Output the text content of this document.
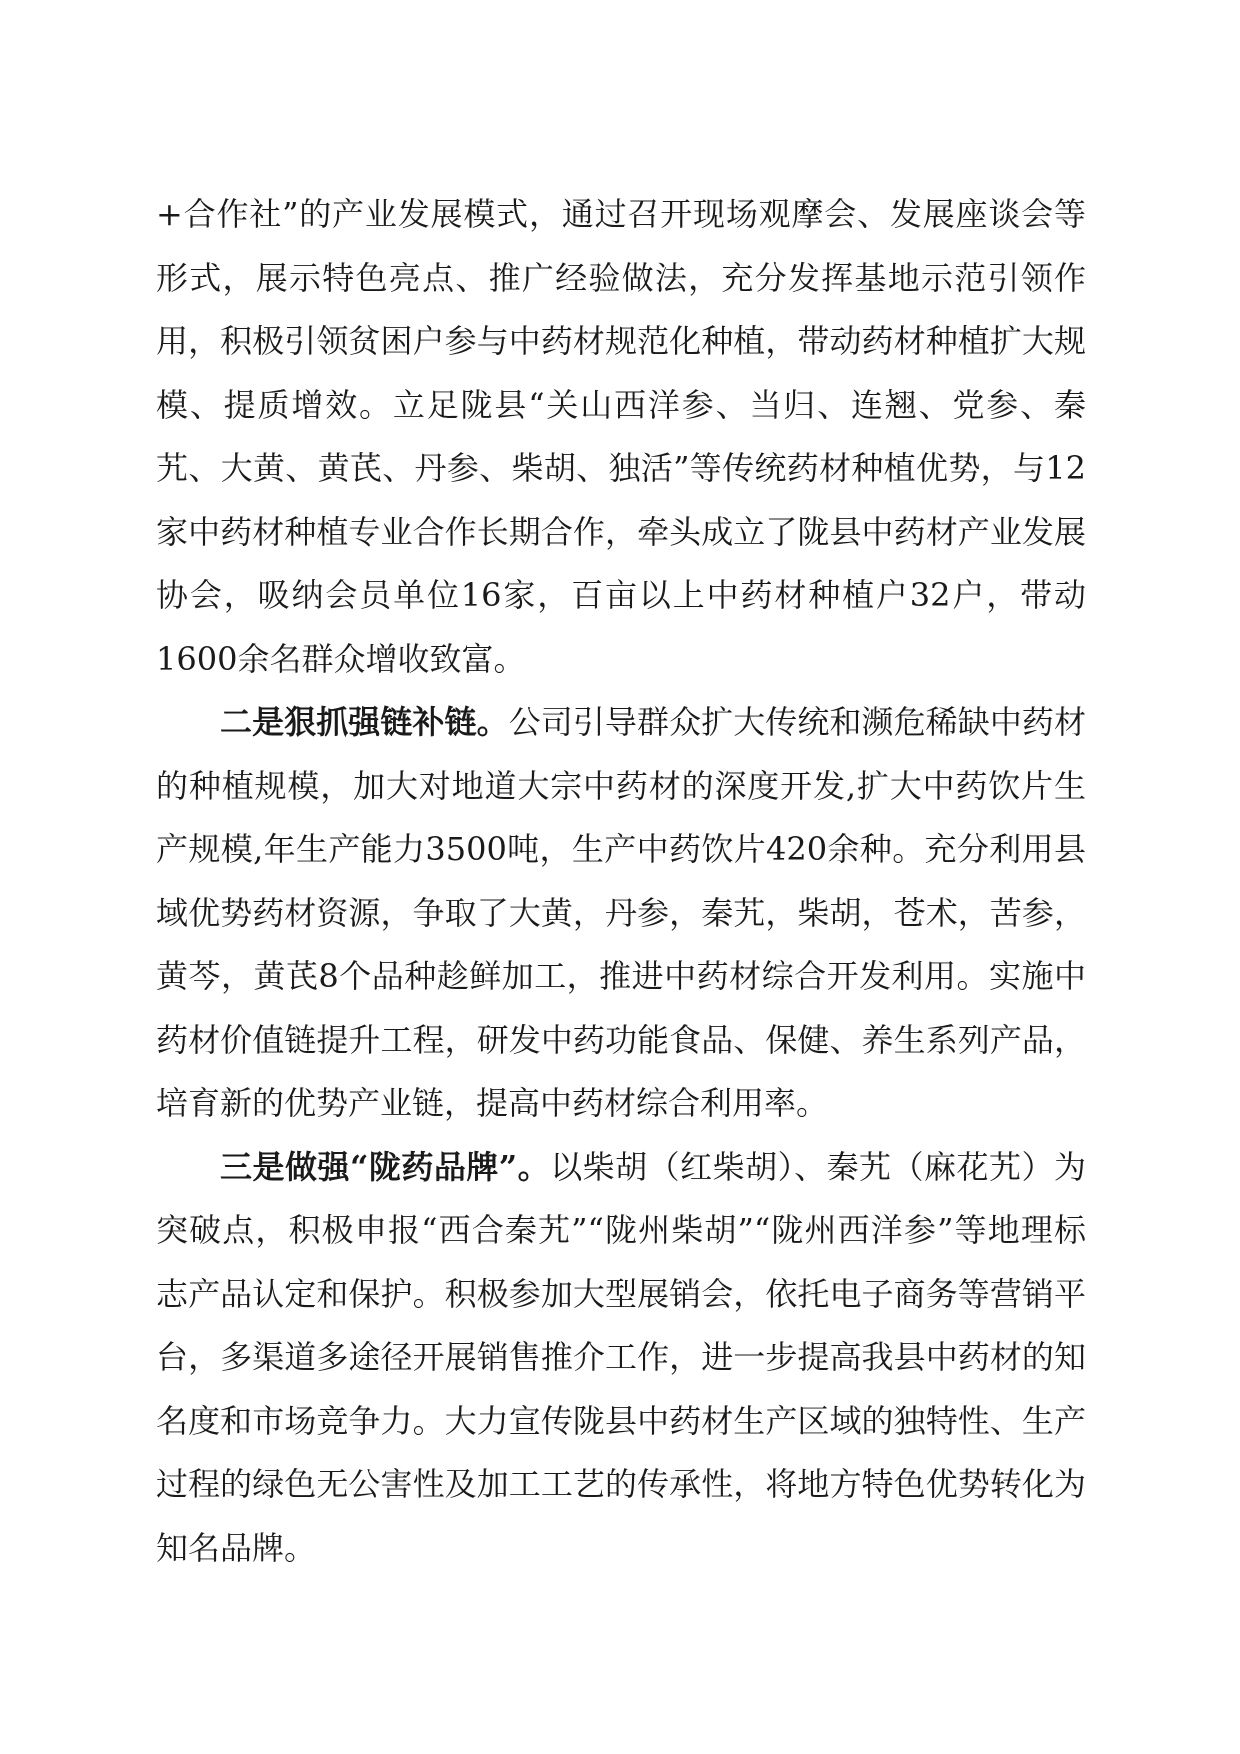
+合作社”的产业发展模式，通过召开现场观摩会、发展座谈会等形式，展示特色亮点、推广经验做法，充分发挥基地示范引领作用，积极引领贫困户参与中药材规范化种植，带动药材种植扩大规模、提质增效。立足陇县“关山西洋参、当归、连翘、党参、秦艽、大黄、黄芪、丹参、柴胡、独活”等传统药材种植优势，与12家中药材种植专业合作长期合作，牵头成立了陇县中药材产业发展协会，吸纳会员单位16家，百亩以上中药材种植户32户，带动1600余名群众增收致富。

二是狠抓强链补链。公司引导群众扩大传统和濒危稀缺中药材的种植规模，加大对地道大宗中药材的深度开发,扩大中药饮片生产规模,年生产能力3500吨，生产中药饮片420余种。充分利用县域优势药材资源，争取了大黄，丹参，秦艽，柴胡，苍术，苦参，黄芩，黄芪8个品种趁鲜加工，推进中药材综合开发利用。实施中药材价值链提升工程，研发中药功能食品、保健、养生系列产品，培育新的优势产业链，提高中药材综合利用率。

三是做强“陇药品牌”。以柴胡（红柴胡）、秦艽（麻花艽）为突破点，积极申报“西合秦艽”“陇州柴胡”“陇州西洋参”等地理标志产品认定和保护。积极参加大型展销会，依托电子商务等营销平台，多渠道多途径开展销售推介工作，进一步提高我县中药材的知名度和市场竞争力。大力宣传陇县中药材生产区域的独特性、生产过程的绿色无公害性及加工工艺的传承性，将地方特色优势转化为知名品牌。
